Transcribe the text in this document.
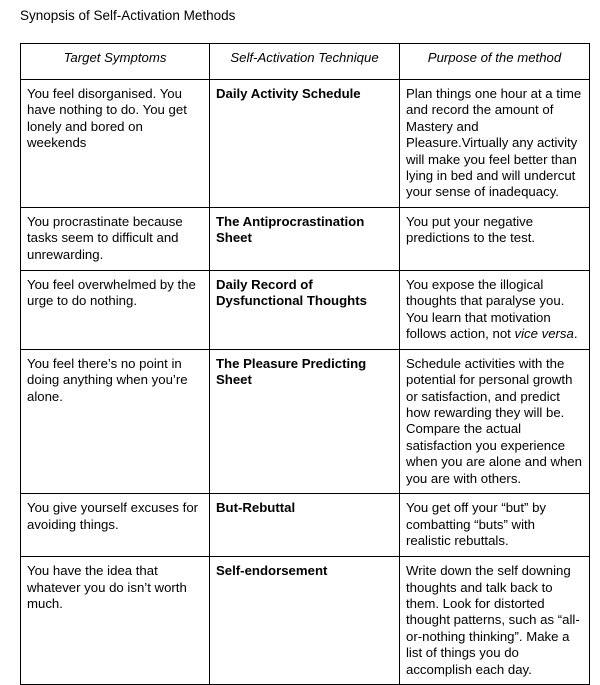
Synopsis of Self-Activation Methods
Target Symptoms	Self-Activation Technique	Purpose of the method

You feel disorganised. You have nothing to do. You get lonely and bored on weekends	Daily Activity Schedule	Plan things one hour at a time and record the amount of Mastery and Pleasure.Virtually any activity will make you feel better than lying in bed and will undercut your sense of inadequacy.

You procrastinate because tasks seem to difficult and unrewarding.	The Antiprocrastination Sheet	You put your negative predictions to the test.

You feel overwhelmed by the urge to do nothing.	Daily Record of Dysfunctional Thoughts	You expose the illogical thoughts that paralyse you. You learn that motivation follows action, not vice versa.

You feel there’s no point in doing anything when you’re alone.	The Pleasure Predicting Sheet	Schedule activities with the potential for personal growth or satisfaction, and predict how rewarding they will be. Compare the actual satisfaction you experience when you are alone and when you are with others.

You give yourself excuses for avoiding things.	But-Rebuttal	You get off your “but” by combatting “buts” with realistic rebuttals.

You have the idea that whatever you do isn’t worth much.	Self-endorsement	Write down the self downing thoughts and talk back to them. Look for distorted thought patterns, such as “all-or-nothing thinking”. Make a list of things you do accomplish each day.
